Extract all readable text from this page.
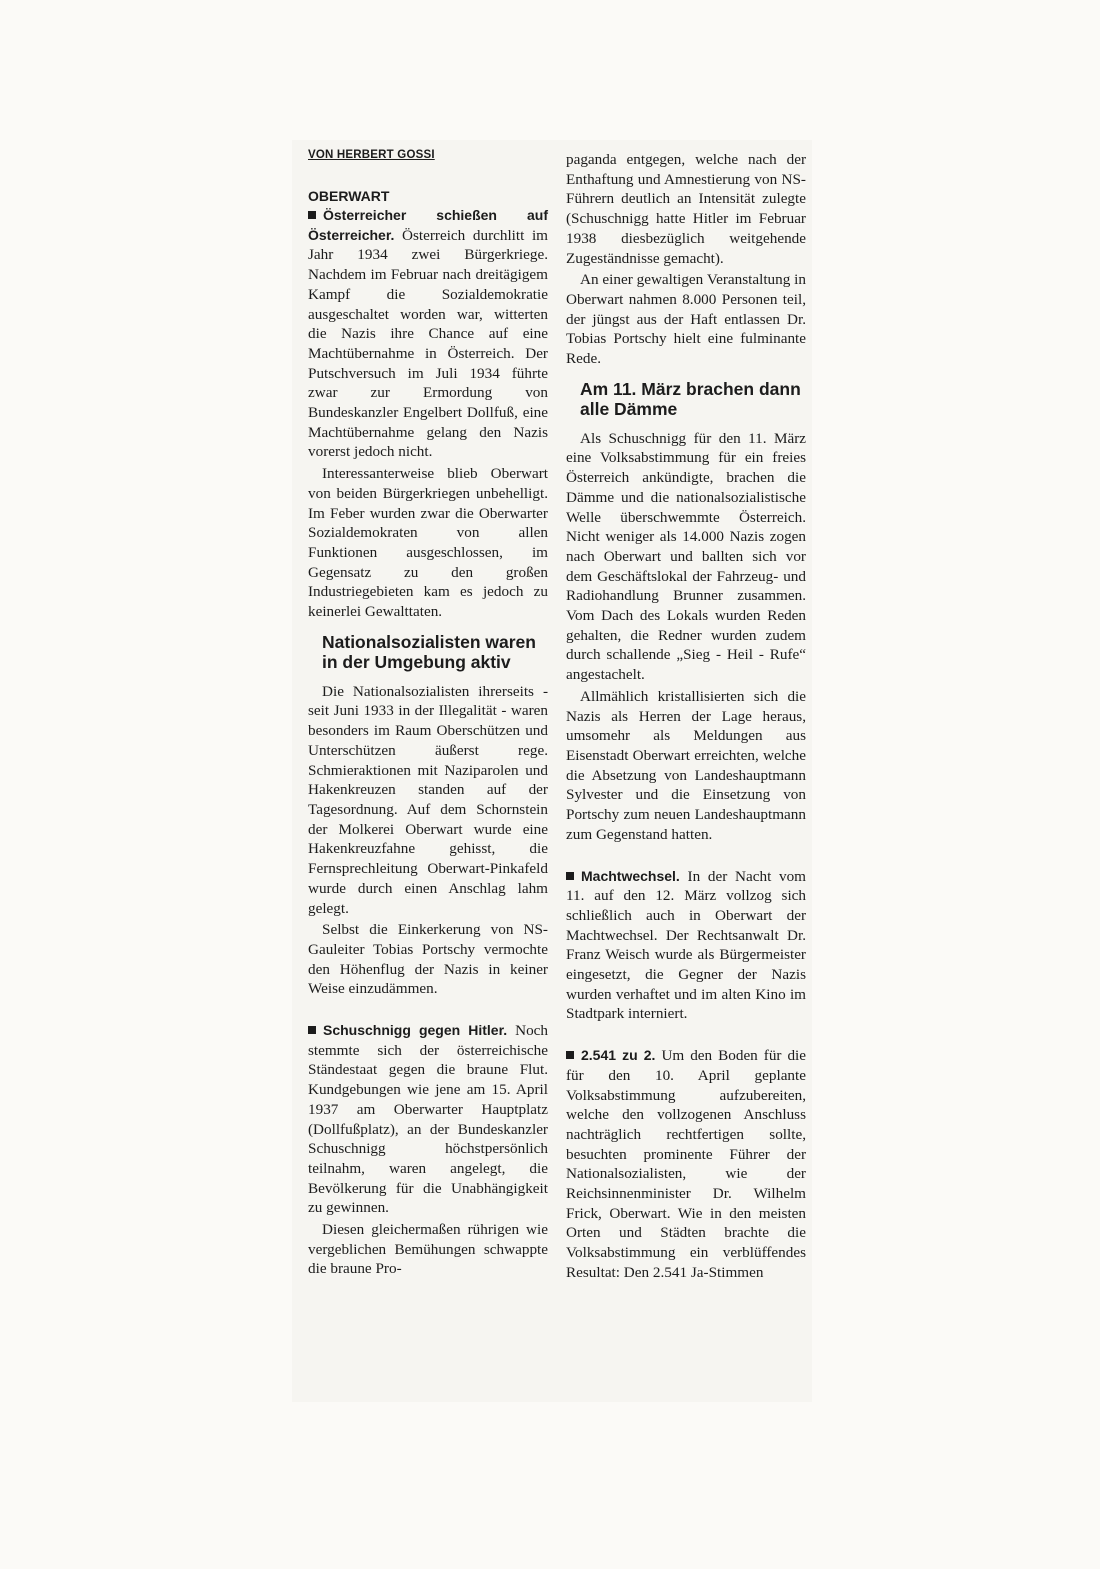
VON HERBERT GOSSI

OBERWART

Österreicher schießen auf Österreicher. Österreich durchlitt im Jahr 1934 zwei Bürgerkriege. Nachdem im Februar nach dreitägigem Kampf die Sozialdemokratie ausgeschaltet worden war, witterten die Nazis ihre Chance auf eine Machtübernahme in Österreich. Der Putschversuch im Juli 1934 führte zwar zur Ermordung von Bundeskanzler Engelbert Dollfuß, eine Machtübernahme gelang den Nazis vorerst jedoch nicht.

Interessanterweise blieb Oberwart von beiden Bürgerkriegen unbehelligt. Im Feber wurden zwar die Oberwarter Sozialdemokraten von allen Funktionen ausgeschlossen, im Gegensatz zu den großen Industriegebieten kam es jedoch zu keinerlei Gewalttaten.

Nationalsozialisten waren in der Umgebung aktiv

Die Nationalsozialisten ihrerseits - seit Juni 1933 in der Illegalität - waren besonders im Raum Oberschützen und Unterschützen äußerst rege. Schmieraktionen mit Naziparolen und Hakenkreuzen standen auf der Tagesordnung. Auf dem Schornstein der Molkerei Oberwart wurde eine Hakenkreuzfahne gehisst, die Fernsprechleitung Oberwart-Pinkafeld wurde durch einen Anschlag lahm gelegt.

Selbst die Einkerkerung von NS-Gauleiter Tobias Portschy vermochte den Höhenflug der Nazis in keiner Weise einzudämmen.

Schuschnigg gegen Hitler. Noch stemmte sich der österreichische Ständestaat gegen die braune Flut. Kundgebungen wie jene am 15. April 1937 am Oberwarter Hauptplatz (Dollfußplatz), an der Bundeskanzler Schuschnigg höchstpersönlich teilnahm, waren angelegt, die Bevölkerung für die Unabhängigkeit zu gewinnen.

Diesen gleichermaßen rührigen wie vergeblichen Bemühungen schwappte die braune Pro-

paganda entgegen, welche nach der Enthaftung und Amnestierung von NS-Führern deutlich an Intensität zulegte (Schuschnigg hatte Hitler im Februar 1938 diesbezüglich weitgehende Zugeständnisse gemacht).

An einer gewaltigen Veranstaltung in Oberwart nahmen 8.000 Personen teil, der jüngst aus der Haft entlassen Dr. Tobias Portschy hielt eine fulminante Rede.

Am 11. März brachen dann alle Dämme

Als Schuschnigg für den 11. März eine Volksabstimmung für ein freies Österreich ankündigte, brachen die Dämme und die nationalsozialistische Welle überschwemmte Österreich. Nicht weniger als 14.000 Nazis zogen nach Oberwart und ballten sich vor dem Geschäftslokal der Fahrzeug- und Radiohandlung Brunner zusammen. Vom Dach des Lokals wurden Reden gehalten, die Redner wurden zudem durch schallende „Sieg - Heil - Rufe“ angestachelt.

Allmählich kristallisierten sich die Nazis als Herren der Lage heraus, umsomehr als Meldungen aus Eisenstadt Oberwart erreichten, welche die Absetzung von Landeshauptmann Sylvester und die Einsetzung von Portschy zum neuen Landeshauptmann zum Gegenstand hatten.

Machtwechsel. In der Nacht vom 11. auf den 12. März vollzog sich schließlich auch in Oberwart der Machtwechsel. Der Rechtsanwalt Dr. Franz Weisch wurde als Bürgermeister eingesetzt, die Gegner der Nazis wurden verhaftet und im alten Kino im Stadtpark interniert.

2.541 zu 2. Um den Boden für die für den 10. April geplante Volksabstimmung aufzubereiten, welche den vollzogenen Anschluss nachträglich rechtfertigen sollte, besuchten prominente Führer der Nationalsozialisten, wie der Reichsinnenminister Dr. Wilhelm Frick, Oberwart. Wie in den meisten Orten und Städten brachte die Volksabstimmung ein verblüffendes Resultat: Den 2.541 Ja-Stimmen
